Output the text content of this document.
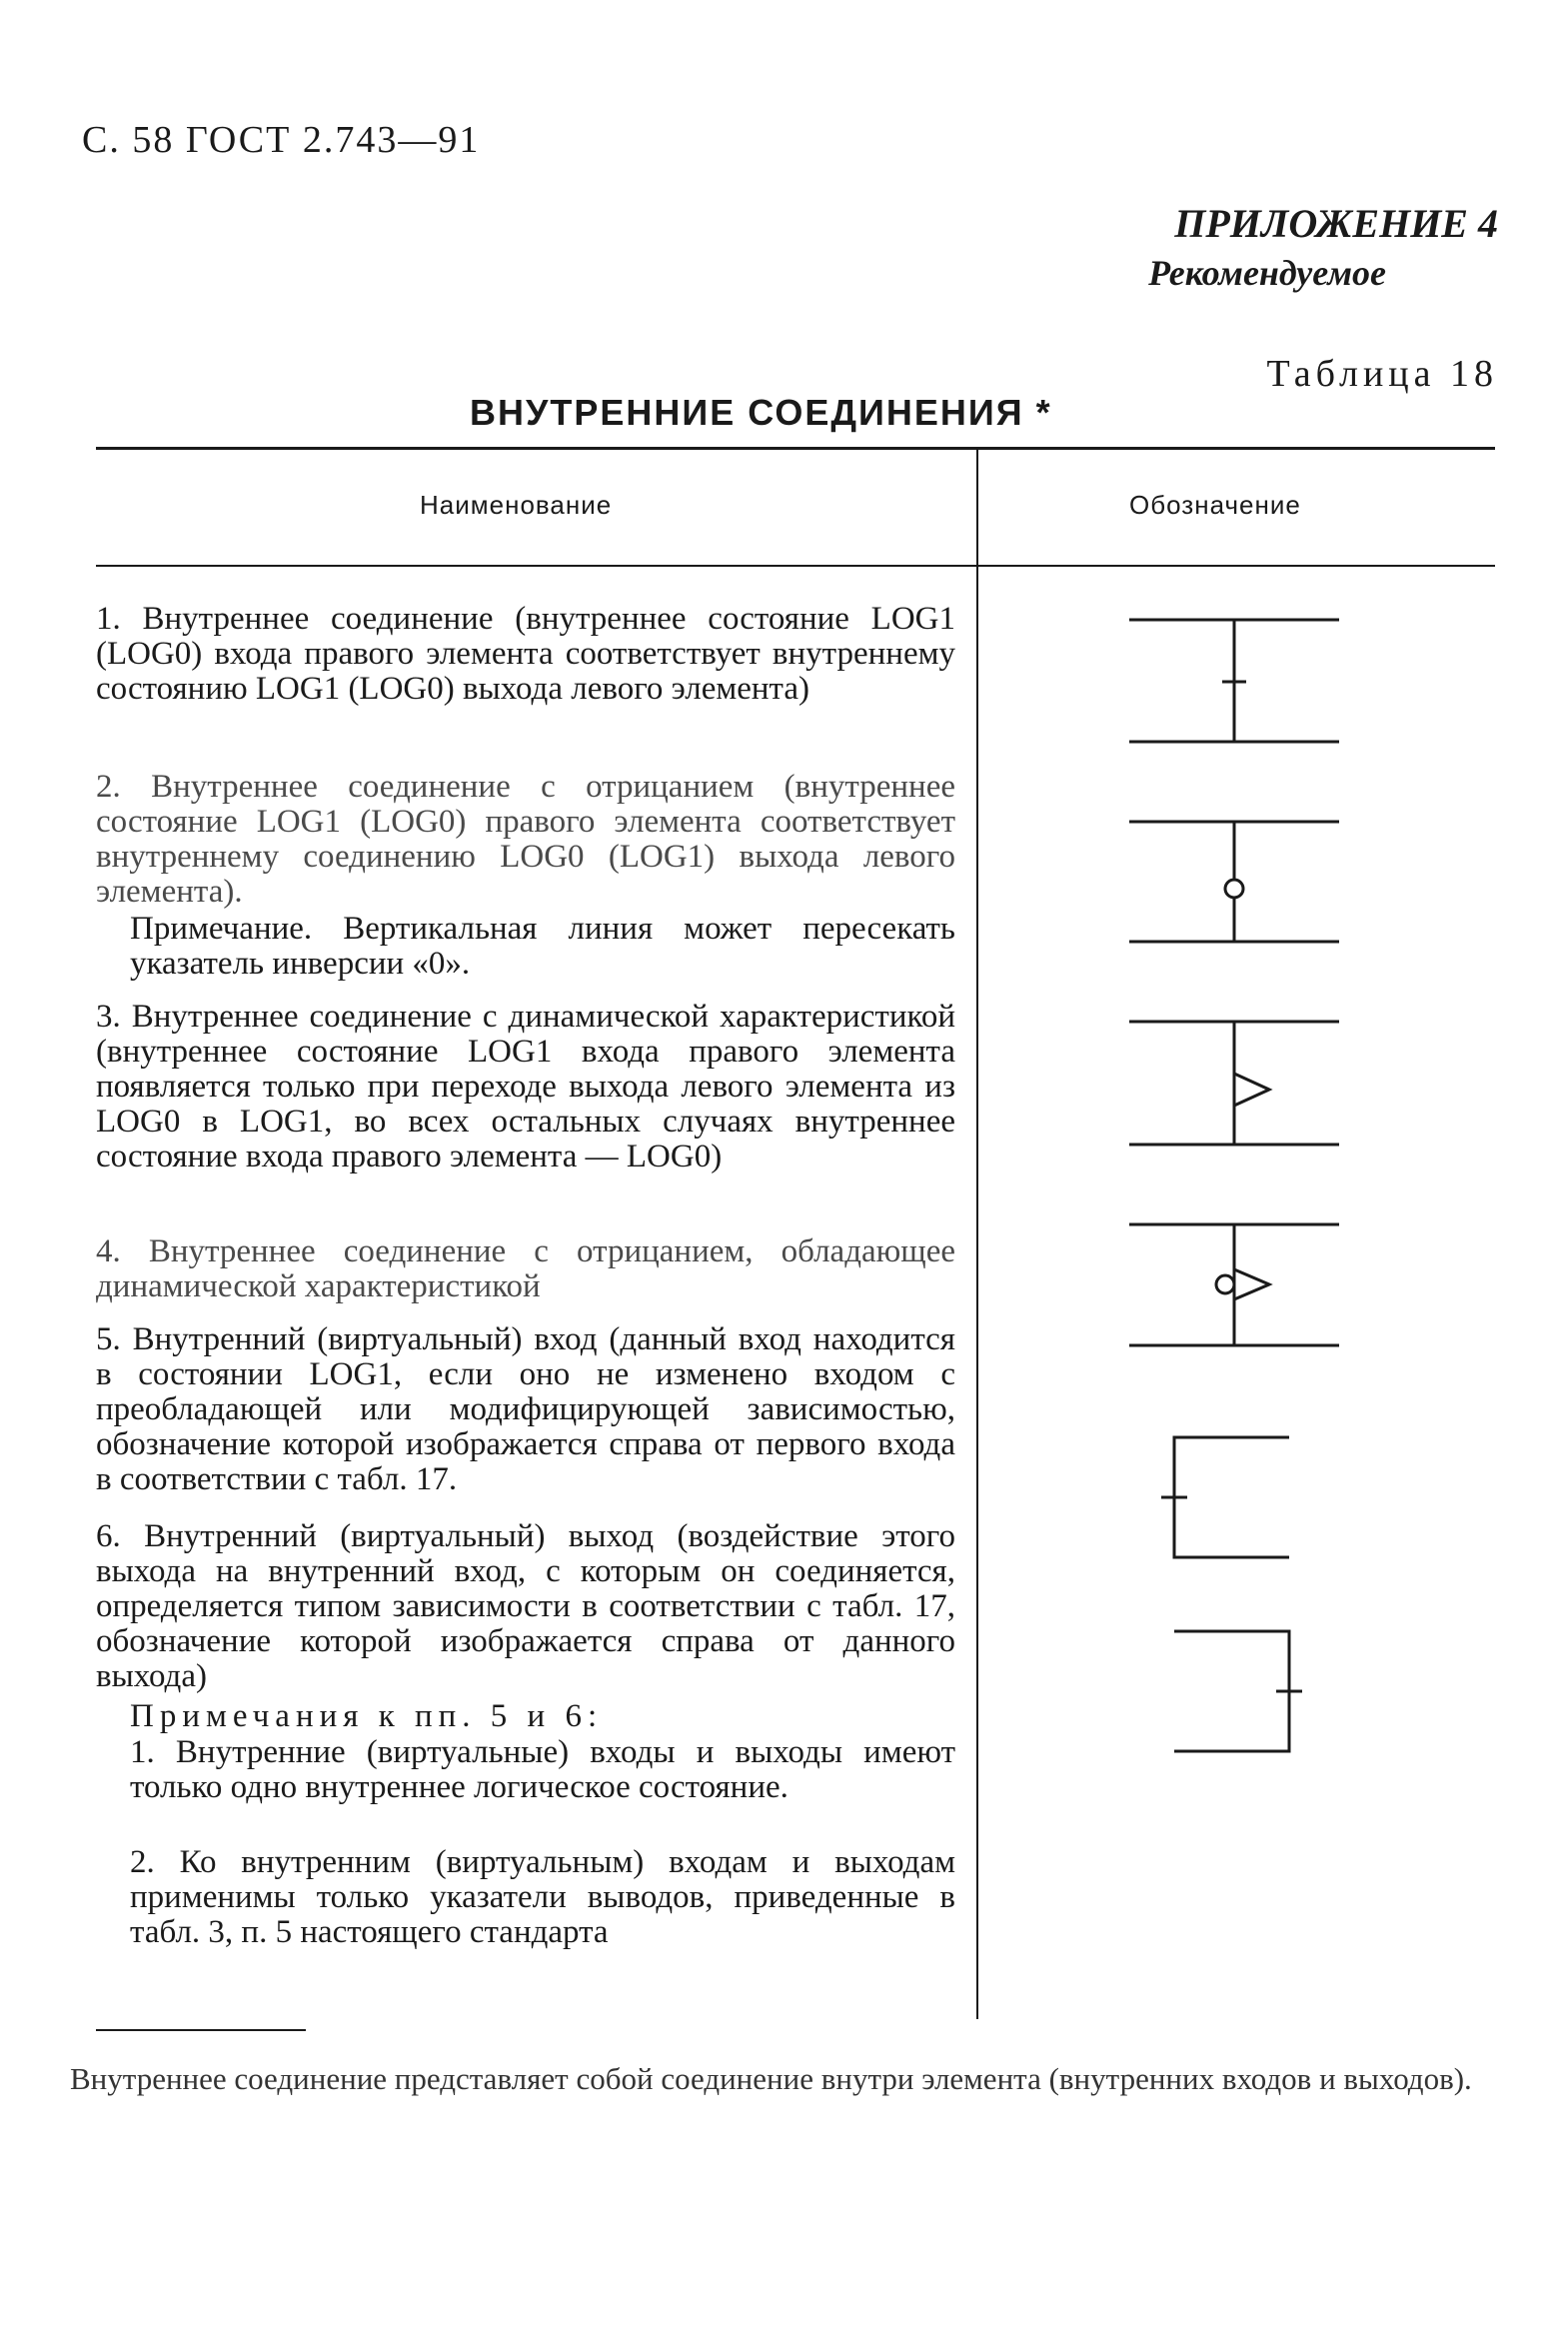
С. 58 ГОСТ 2.743—91
ПРИЛОЖЕНИЕ 4
Рекомендуемое
Таблица 18
ВНУТРЕННИЕ СОЕДИНЕНИЯ *
Наименование	Обозначение
1. Внутреннее соединение (внутреннее состояние LOG1 (LOG0) входа правого элемента соответствует внутреннему состоянию LOG1 (LOG0) выхода левого элемента)
2. Внутреннее соединение с отрицанием (внутреннее состояние LOG1 (LOG0) правого элемента соответствует внутреннему соединению LOG0 (LOG1) выхода левого элемента).
Примечание. Вертикальная линия может пересекать указатель инверсии «0».
3. Внутреннее соединение с динамической характеристикой (внутреннее состояние LOG1 входа правого элемента появляется только при переходе выхода левого элемента из LOG0 в LOG1, во всех остальных случаях внутреннее состояние входа правого элемента — LOG0)
4. Внутреннее соединение с отрицанием, обладающее динамической характеристикой
5. Внутренний (виртуальный) вход (данный вход находится в состоянии LOG1, если оно не изменено входом с преобладающей или модифицирующей зависимостью, обозначение которой изображается справа от первого входа в соответствии с табл. 17.
6. Внутренний (виртуальный) выход (воздействие этого выхода на внутренний вход, с которым он соединяется, определяется типом зависимости в соответствии с табл. 17, обозначение которой изображается справа от данного выхода)
Примечания к пп. 5 и 6:
1. Внутренние (виртуальные) входы и выходы имеют только одно внутреннее логическое состояние.
2. Ко внутренним (виртуальным) входам и выходам применимы только указатели выводов, приведенные в табл. 3, п. 5 настоящего стандарта
Внутреннее соединение представляет собой соединение внутри элемента (внутренних входов и выходов).
